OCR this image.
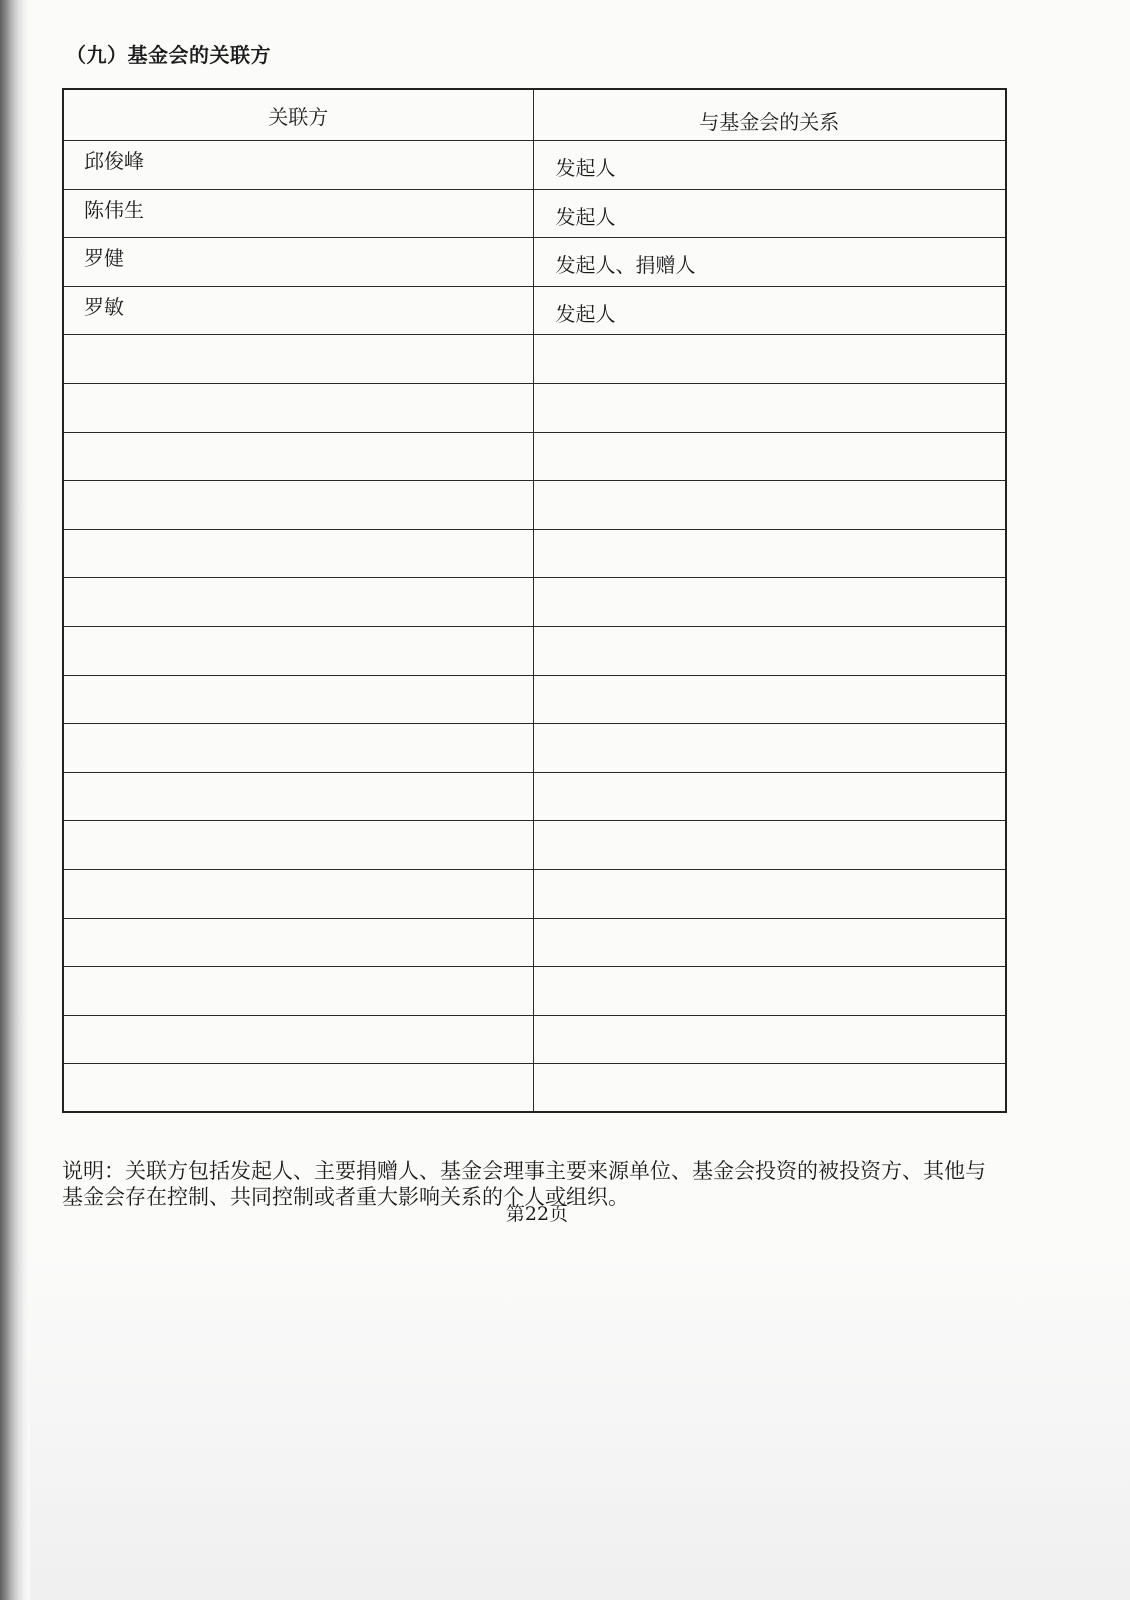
（九）基金会的关联方
关联方	与基金会的关系
邱俊峰	发起人
陈伟生	发起人
罗健	发起人、捐赠人
罗敏	发起人

说明：关联方包括发起人、主要捐赠人、基金会理事主要来源单位、基金会投资的被投资方、其他与基金会存在控制、共同控制或者重大影响关系的个人或组织。
第22页
